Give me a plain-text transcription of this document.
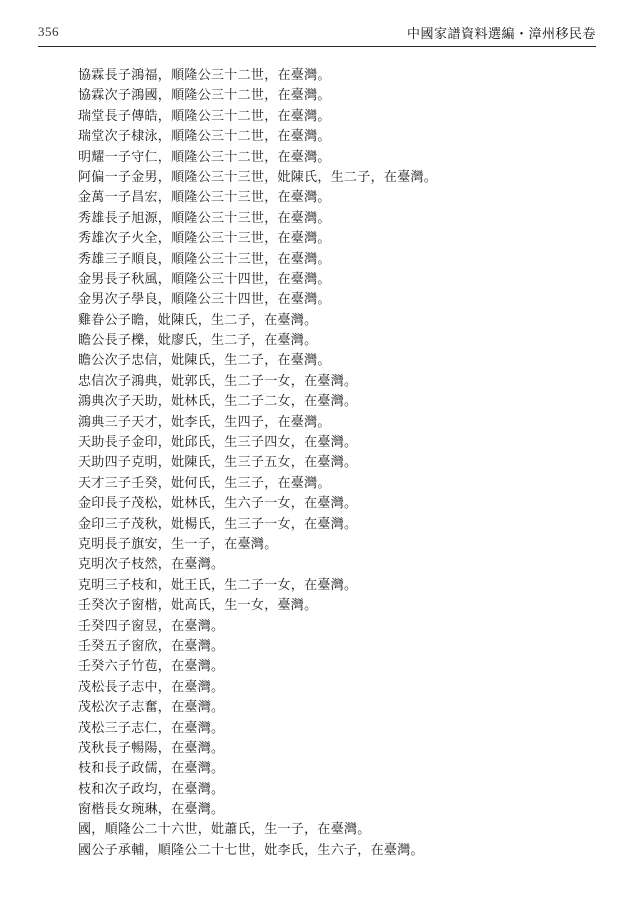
356	中國家譜資料選編・漳州移民卷
協霖長子鴻福，順隆公三十二世，在臺灣。
協霖次子鴻國，順隆公三十二世，在臺灣。
瑞堂長子傳皓，順隆公三十二世，在臺灣。
瑞堂次子棣泳，順隆公三十二世，在臺灣。
明耀一子守仁，順隆公三十二世，在臺灣。
阿偏一子金男，順隆公三十三世，妣陳氏，生二子，在臺灣。
金萬一子昌宏，順隆公三十三世，在臺灣。
秀雄長子旭源，順隆公三十三世，在臺灣。
秀雄次子火全，順隆公三十三世，在臺灣。
秀雄三子順良，順隆公三十三世，在臺灣。
金男長子秋風，順隆公三十四世，在臺灣。
金男次子學良，順隆公三十四世，在臺灣。
雞眷公子瞻，妣陳氏，生二子，在臺灣。
瞻公長子櫟，妣廖氏，生二子，在臺灣。
瞻公次子忠信，妣陳氏，生二子，在臺灣。
忠信次子鴻典，妣郭氏，生二子一女，在臺灣。
鴻典次子天助，妣林氏，生二子二女，在臺灣。
鴻典三子天才，妣李氏，生四子，在臺灣。
天助長子金印，妣邱氏，生三子四女，在臺灣。
天助四子克明，妣陳氏，生三子五女，在臺灣。
天才三子壬癸，妣何氏，生三子，在臺灣。
金印長子茂松，妣林氏，生六子一女，在臺灣。
金印三子茂秋，妣楊氏，生三子一女，在臺灣。
克明長子旗安，生一子，在臺灣。
克明次子枝然，在臺灣。
克明三子枝和，妣王氏，生二子一女，在臺灣。
壬癸次子窗楷，妣高氏，生一女，臺灣。
壬癸四子窗昱，在臺灣。
壬癸五子窗欣，在臺灣。
壬癸六子竹苞，在臺灣。
茂松長子志中，在臺灣。
茂松次子志奮，在臺灣。
茂松三子志仁，在臺灣。
茂秋長子暢陽，在臺灣。
枝和長子政儒，在臺灣。
枝和次子政均，在臺灣。
窗楷長女琬琳，在臺灣。
國，順隆公二十六世，妣蕭氏，生一子，在臺灣。
國公子承輔，順隆公二十七世，妣李氏，生六子，在臺灣。
